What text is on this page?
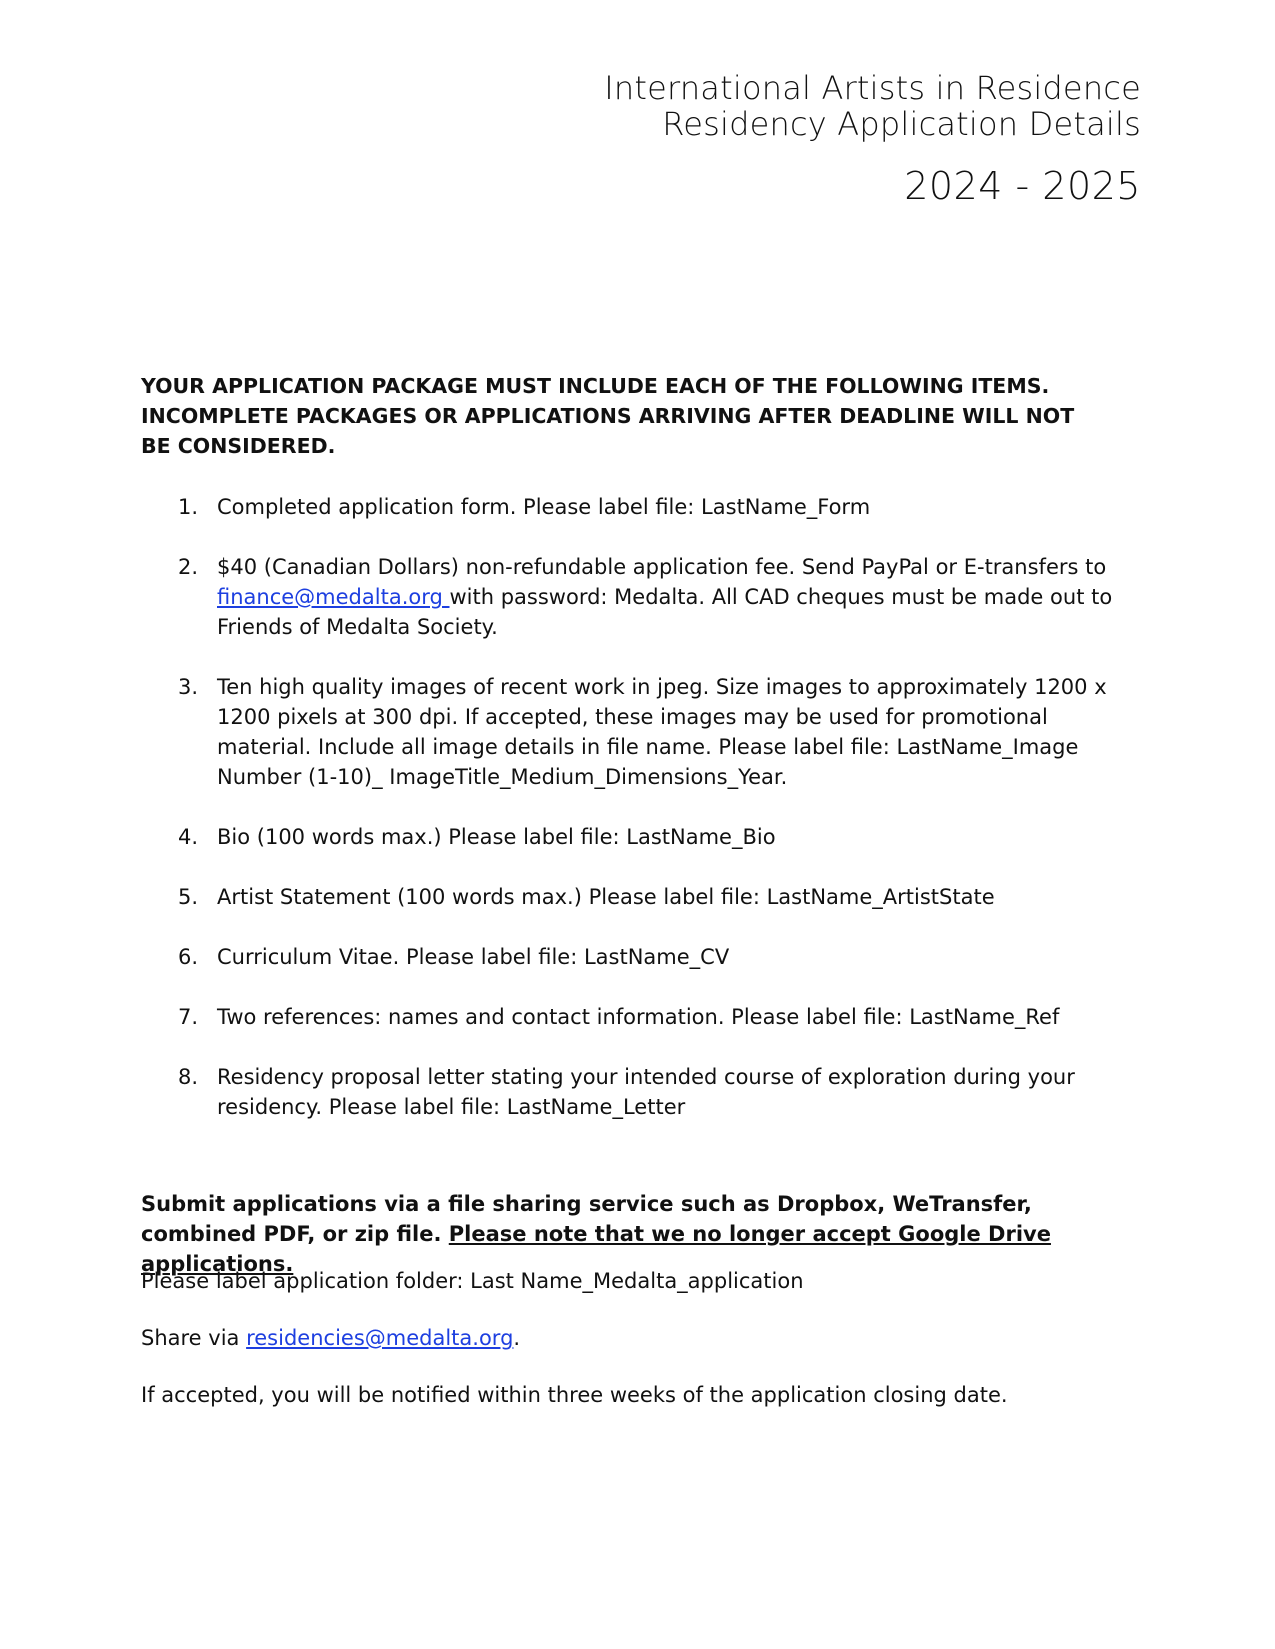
International Artists in Residence
Residency Application Details
2024 - 2025

YOUR APPLICATION PACKAGE MUST INCLUDE EACH OF THE FOLLOWING ITEMS. INCOMPLETE PACKAGES OR APPLICATIONS ARRIVING AFTER DEADLINE WILL NOT BE CONSIDERED.

1. Completed application form. Please label file: LastName_Form
2. $40 (Canadian Dollars) non-refundable application fee. Send PayPal or E-transfers to finance@medalta.org with password: Medalta. All CAD cheques must be made out to Friends of Medalta Society.
3. Ten high quality images of recent work in jpeg. Size images to approximately 1200 x 1200 pixels at 300 dpi. If accepted, these images may be used for promotional material. Include all image details in file name. Please label file: LastName_Image Number (1-10)_ ImageTitle_Medium_Dimensions_Year.
4. Bio (100 words max.) Please label file: LastName_Bio
5. Artist Statement (100 words max.) Please label file: LastName_ArtistState
6. Curriculum Vitae. Please label file: LastName_CV
7. Two references: names and contact information. Please label file: LastName_Ref
8. Residency proposal letter stating your intended course of exploration during your residency. Please label file: LastName_Letter

Submit applications via a file sharing service such as Dropbox, WeTransfer, combined PDF, or zip file. Please note that we no longer accept Google Drive applications.

Please label application folder: Last Name_Medalta_application

Share via residencies@medalta.org.

If accepted, you will be notified within three weeks of the application closing date.
